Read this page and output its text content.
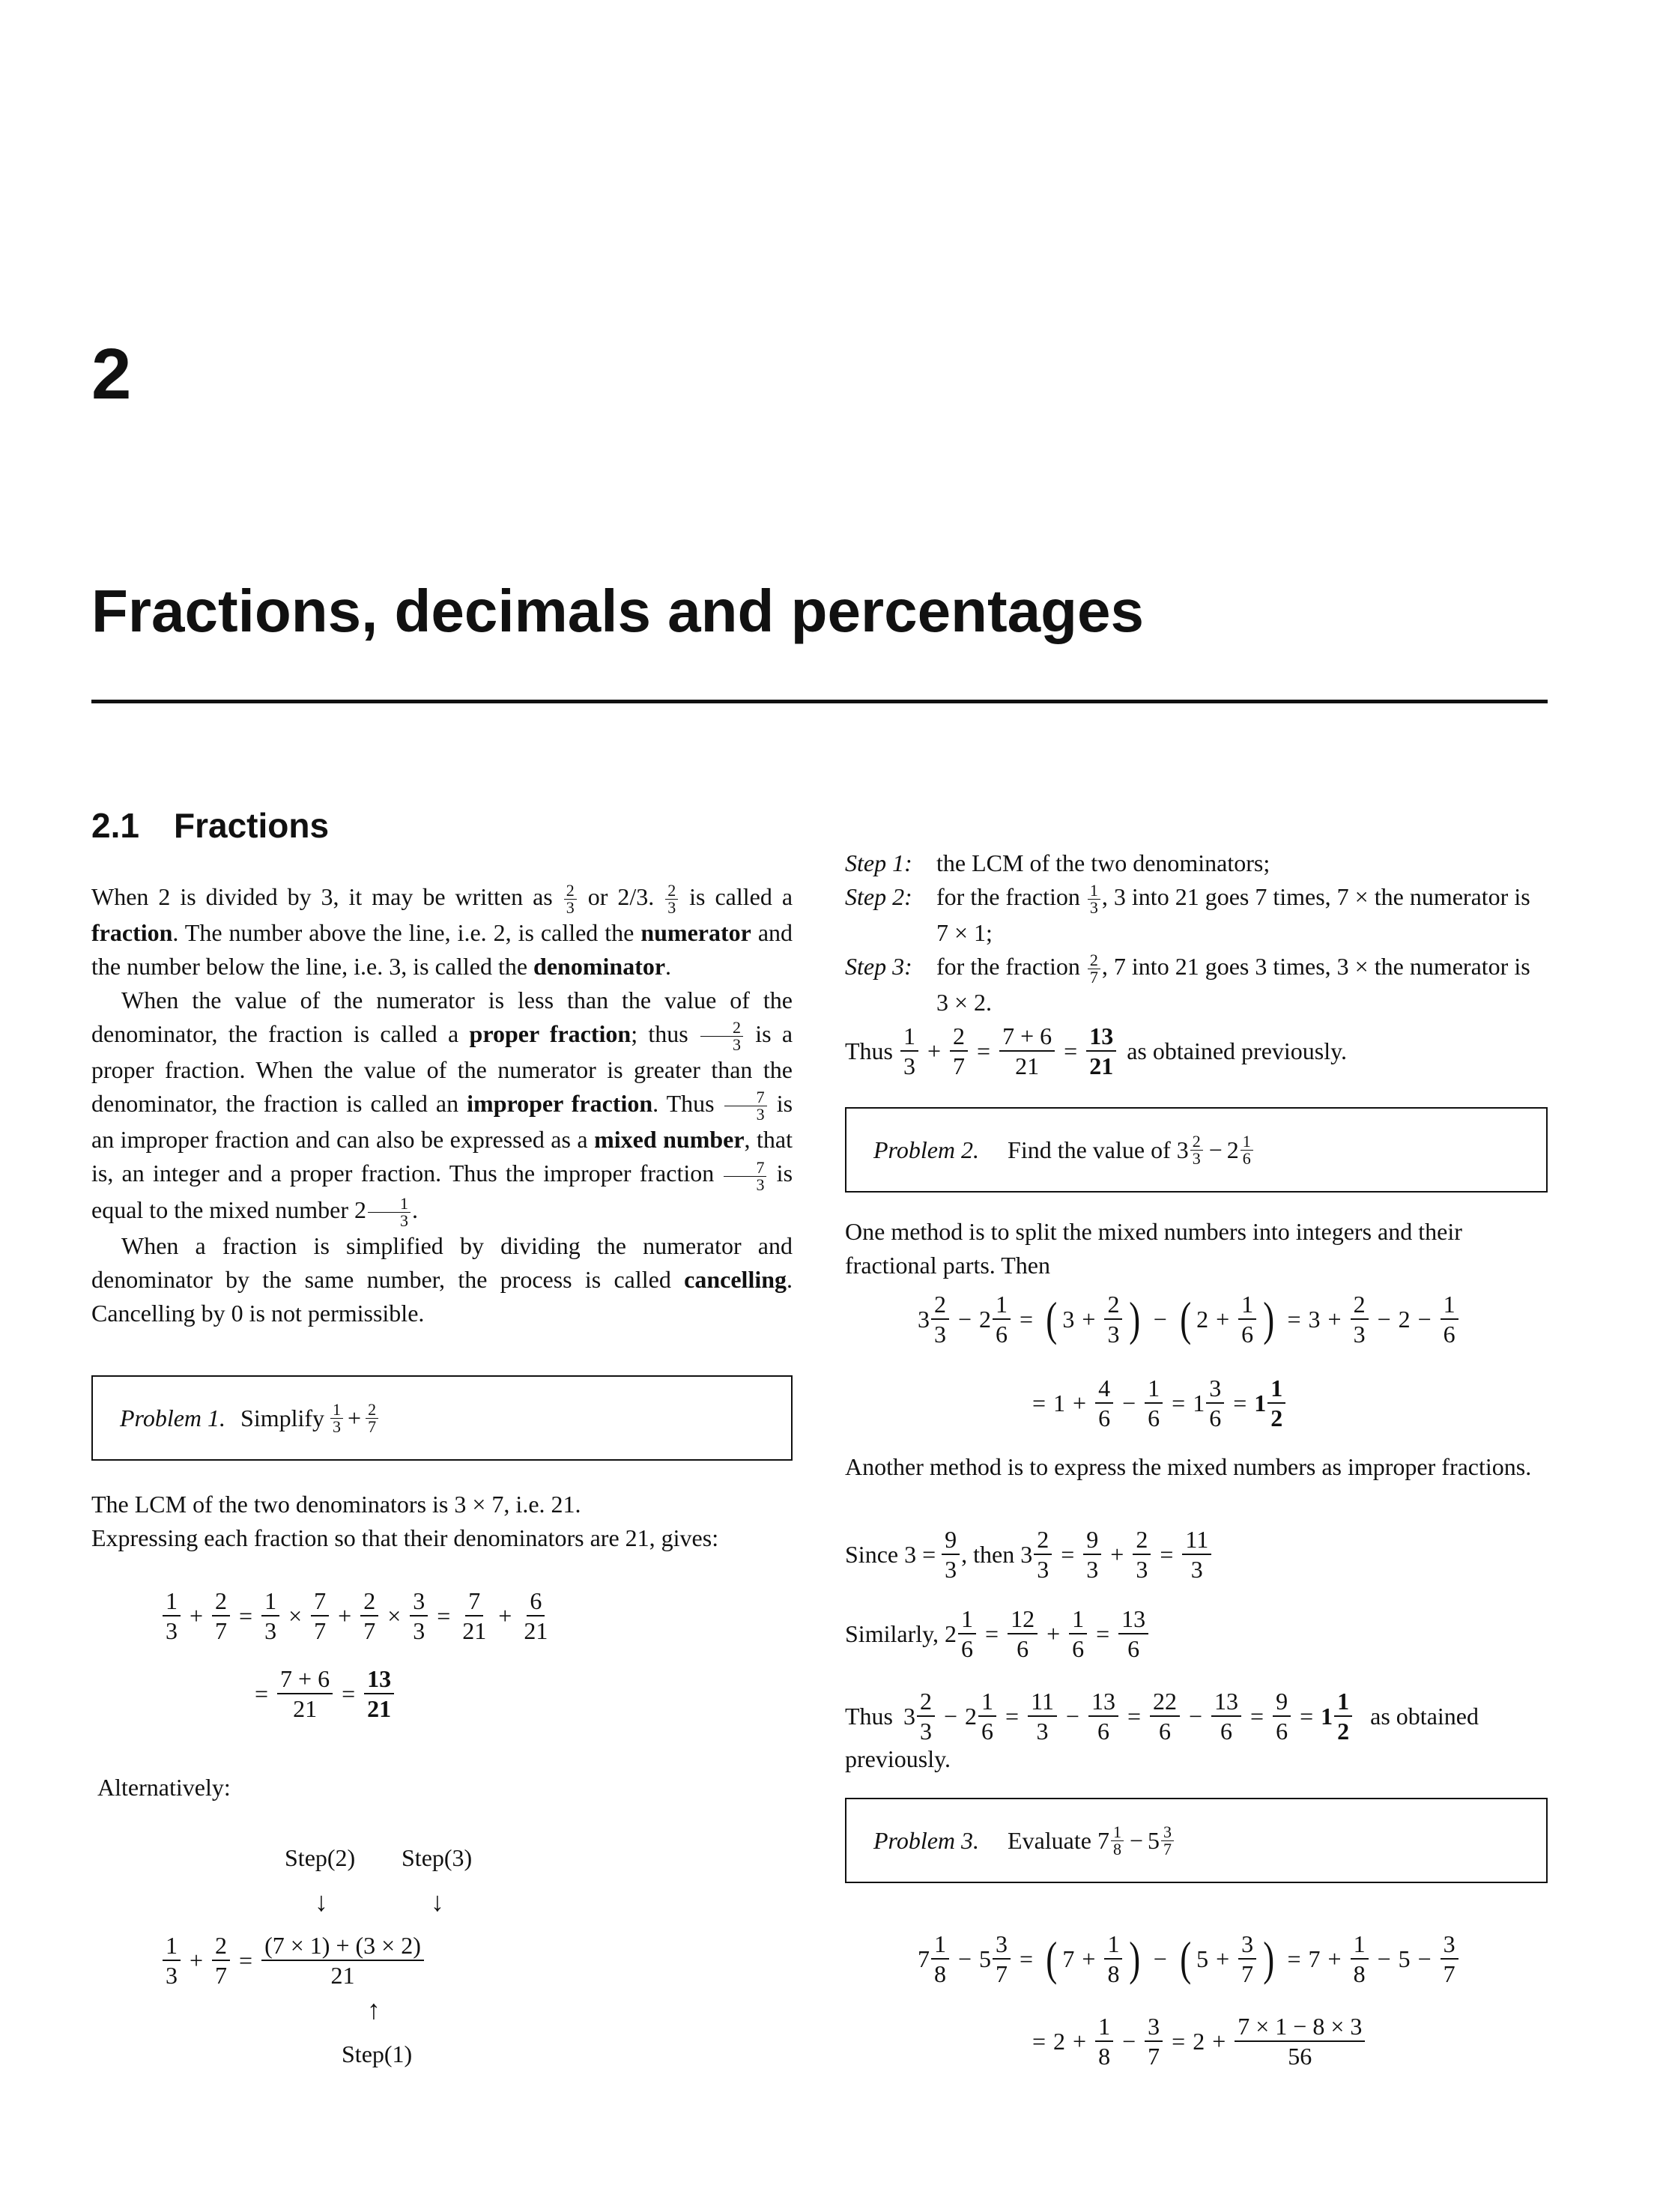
2
Fractions, decimals and percentages
2.1 Fractions

When 2 is divided by 3, it may be written as $\frac{2}{3}$ or 2/3. $\frac{2}{3}$ is called a fraction. The number above the line, i.e. 2, is called the numerator and the number below the line, i.e. 3, is called the denominator.

When the value of the numerator is less than the value of the denominator, the fraction is called a proper fraction; thus $\frac{2}{3}$ is a proper fraction. When the value of the numerator is greater than the denominator, the fraction is called an improper fraction. Thus $\frac{7}{3}$ is an improper fraction and can also be expressed as a mixed number, that is, an integer and a proper fraction. Thus the improper fraction $\frac{7}{3}$ is equal to the mixed number $2 \frac{1}{3}$ .

When a fraction is simplified by dividing the numerator and denominator by the same number, the process is called cancelling. Cancelling by 0 is not permissible.

Problem 1. Simplify 1
$3 + \frac{2}{7}$

The LCM of the two denominators is 3 × 7, i.e. 21.

Expressing each fraction so that their denominators are 21, gives:

1
3
+ $\frac{2}{7} = \frac{1}{3} \times \frac{7}{7} + \frac{2}{7} \times \frac{3}{3} = \frac{7}{21} + \frac{6}{21}$
= $\frac{7 + 6}{21} = \frac{13}{21}$
Alternatively:
Step(2) Step(3)
↓	↓
1
3
+ $\frac{2}{7} = \frac{(7 \times 1) + (3 \times 2)}{21}$
↑
Step(1)
Step 1:	the LCM of the two denominators;
Step 2:	for the fraction $\frac{1}{3}$ , 3 into 21 goes 7 times, 7 × the numerator is 7 × 1;
Step 3:	for the fraction $\frac{2}{7}$ , 7 into 21 goes 3 times, 3 × the numerator is 3 × 2.
Thus
1
3
+ $\frac{2}{7} = \frac{7 + 6}{21} = \frac{13}{21}$ as obtained previously.
Problem 2. Find the value of 3 2
$3 - 2 \frac{1}{6}$
One method is to split the mixed numbers into integers and their fractional parts. Then
3
2
3
− $2 \frac{1}{6}$ = ( $3 + \frac{2}{3}$ ) − ( $2 + \frac{1}{6}$ ) = $3 + \frac{2}{3} - 2 - \frac{1}{6}$
= $1 + \frac{4}{6} - \frac{1}{6} = 1 \frac{3}{6} = 1$
1
2
Another method is to express the mixed numbers as improper fractions.
Since $3 = \frac{9}{3}$ , then $3 \frac{2}{3} = \frac{9}{3} + \frac{2}{3} = \frac{11}{3}$
Similarly, $2 \frac{1}{6} = \frac{12}{6} + \frac{1}{6} = \frac{13}{6}$
Thus 3
2
3
− $2 \frac{1}{6} = \frac{11}{3} - \frac{13}{6} = \frac{22}{6} - \frac{13}{6} = \frac{9}{6} = 1$
1
2
as obtained
previously.
Problem 3. Evaluate 7 1
$8 - 5 \frac{3}{7}$
7
1
8
− $5 \frac{3}{7}$ = ( $7 + \frac{1}{8}$ ) − ( $5 + \frac{3}{7}$ ) = $7 + \frac{1}{8} - 5 - \frac{3}{7}$
= $2 + \frac{1}{8} - \frac{3}{7} = 2 + \frac{7 \times 1 - 8 \times 3}{56}$
